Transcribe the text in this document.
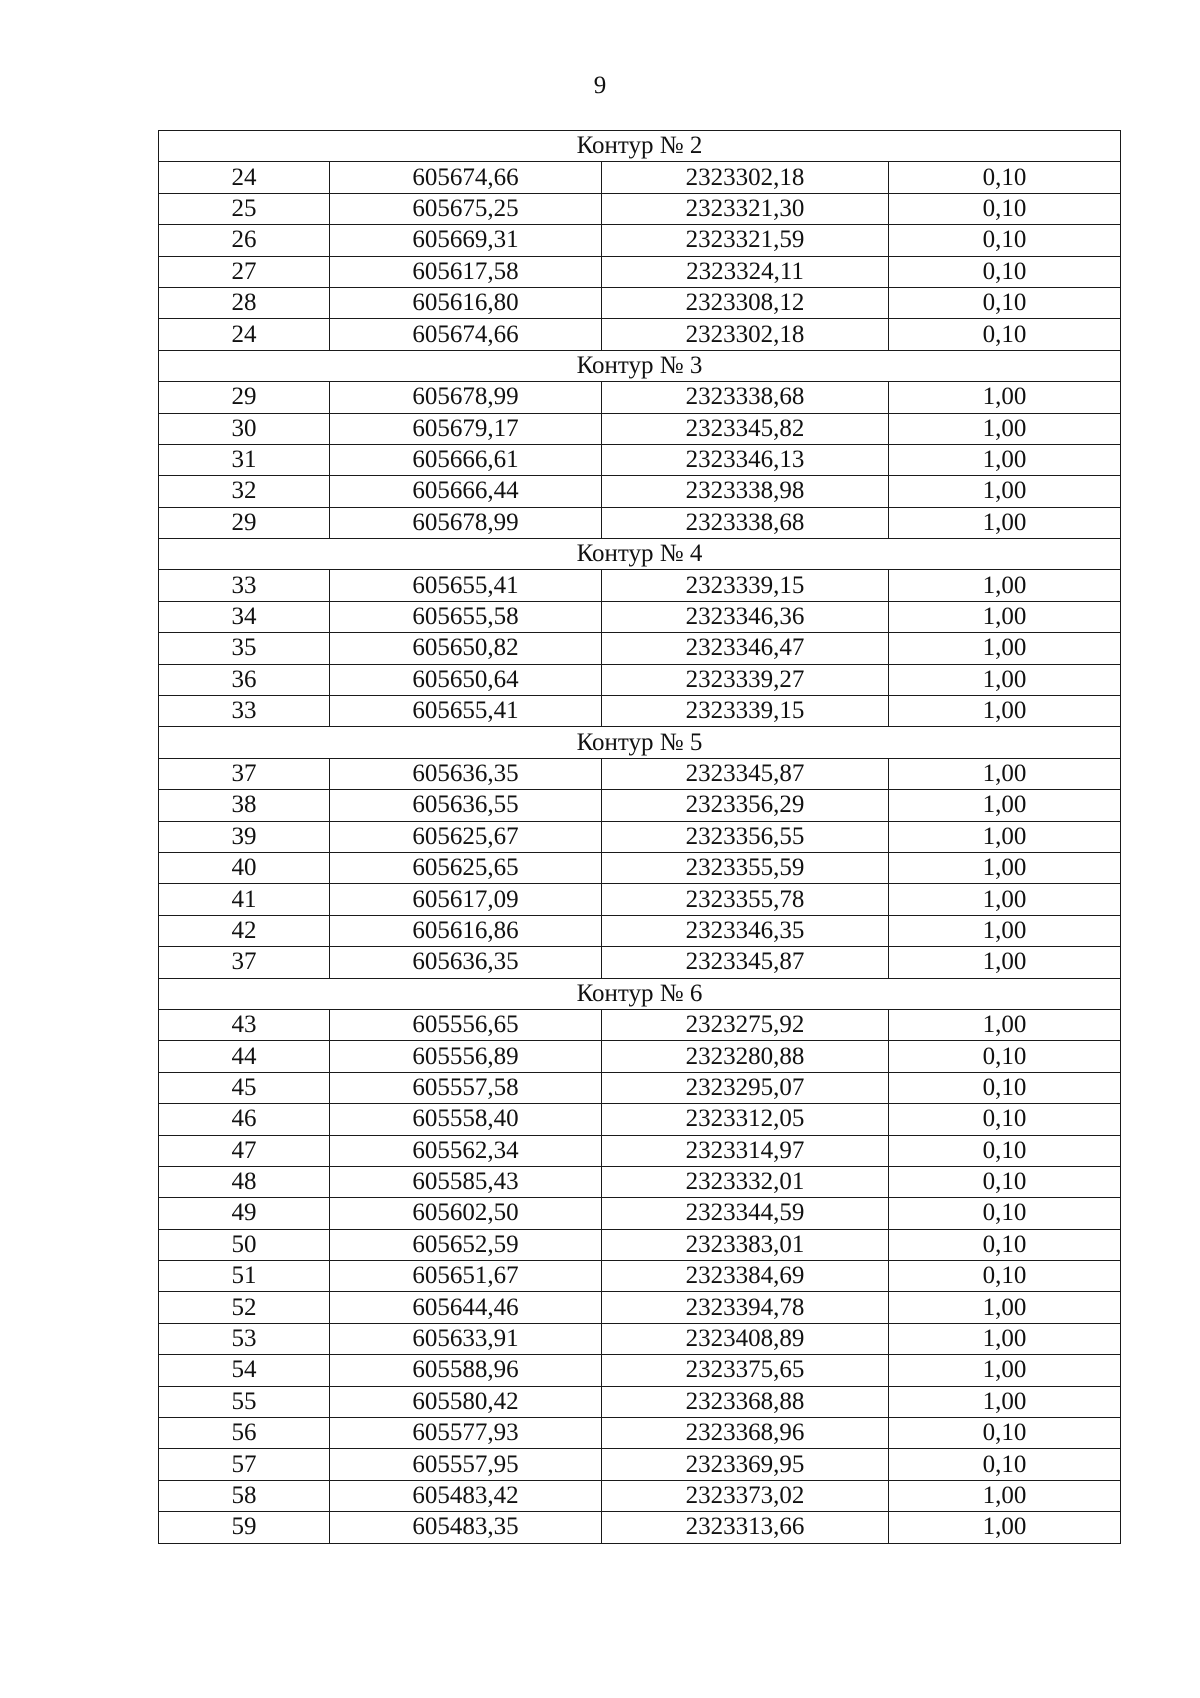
9
Контур № 2			
24	605674,66	2323302,18	0,10
25	605675,25	2323321,30	0,10
26	605669,31	2323321,59	0,10
27	605617,58	2323324,11	0,10
28	605616,80	2323308,12	0,10
24	605674,66	2323302,18	0,10
Контур № 3			
29	605678,99	2323338,68	1,00
30	605679,17	2323345,82	1,00
31	605666,61	2323346,13	1,00
32	605666,44	2323338,98	1,00
29	605678,99	2323338,68	1,00
Контур № 4			
33	605655,41	2323339,15	1,00
34	605655,58	2323346,36	1,00
35	605650,82	2323346,47	1,00
36	605650,64	2323339,27	1,00
33	605655,41	2323339,15	1,00
Контур № 5			
37	605636,35	2323345,87	1,00
38	605636,55	2323356,29	1,00
39	605625,67	2323356,55	1,00
40	605625,65	2323355,59	1,00
41	605617,09	2323355,78	1,00
42	605616,86	2323346,35	1,00
37	605636,35	2323345,87	1,00
Контур № 6			
43	605556,65	2323275,92	1,00
44	605556,89	2323280,88	0,10
45	605557,58	2323295,07	0,10
46	605558,40	2323312,05	0,10
47	605562,34	2323314,97	0,10
48	605585,43	2323332,01	0,10
49	605602,50	2323344,59	0,10
50	605652,59	2323383,01	0,10
51	605651,67	2323384,69	0,10
52	605644,46	2323394,78	1,00
53	605633,91	2323408,89	1,00
54	605588,96	2323375,65	1,00
55	605580,42	2323368,88	1,00
56	605577,93	2323368,96	0,10
57	605557,95	2323369,95	0,10
58	605483,42	2323373,02	1,00
59	605483,35	2323313,66	1,00
